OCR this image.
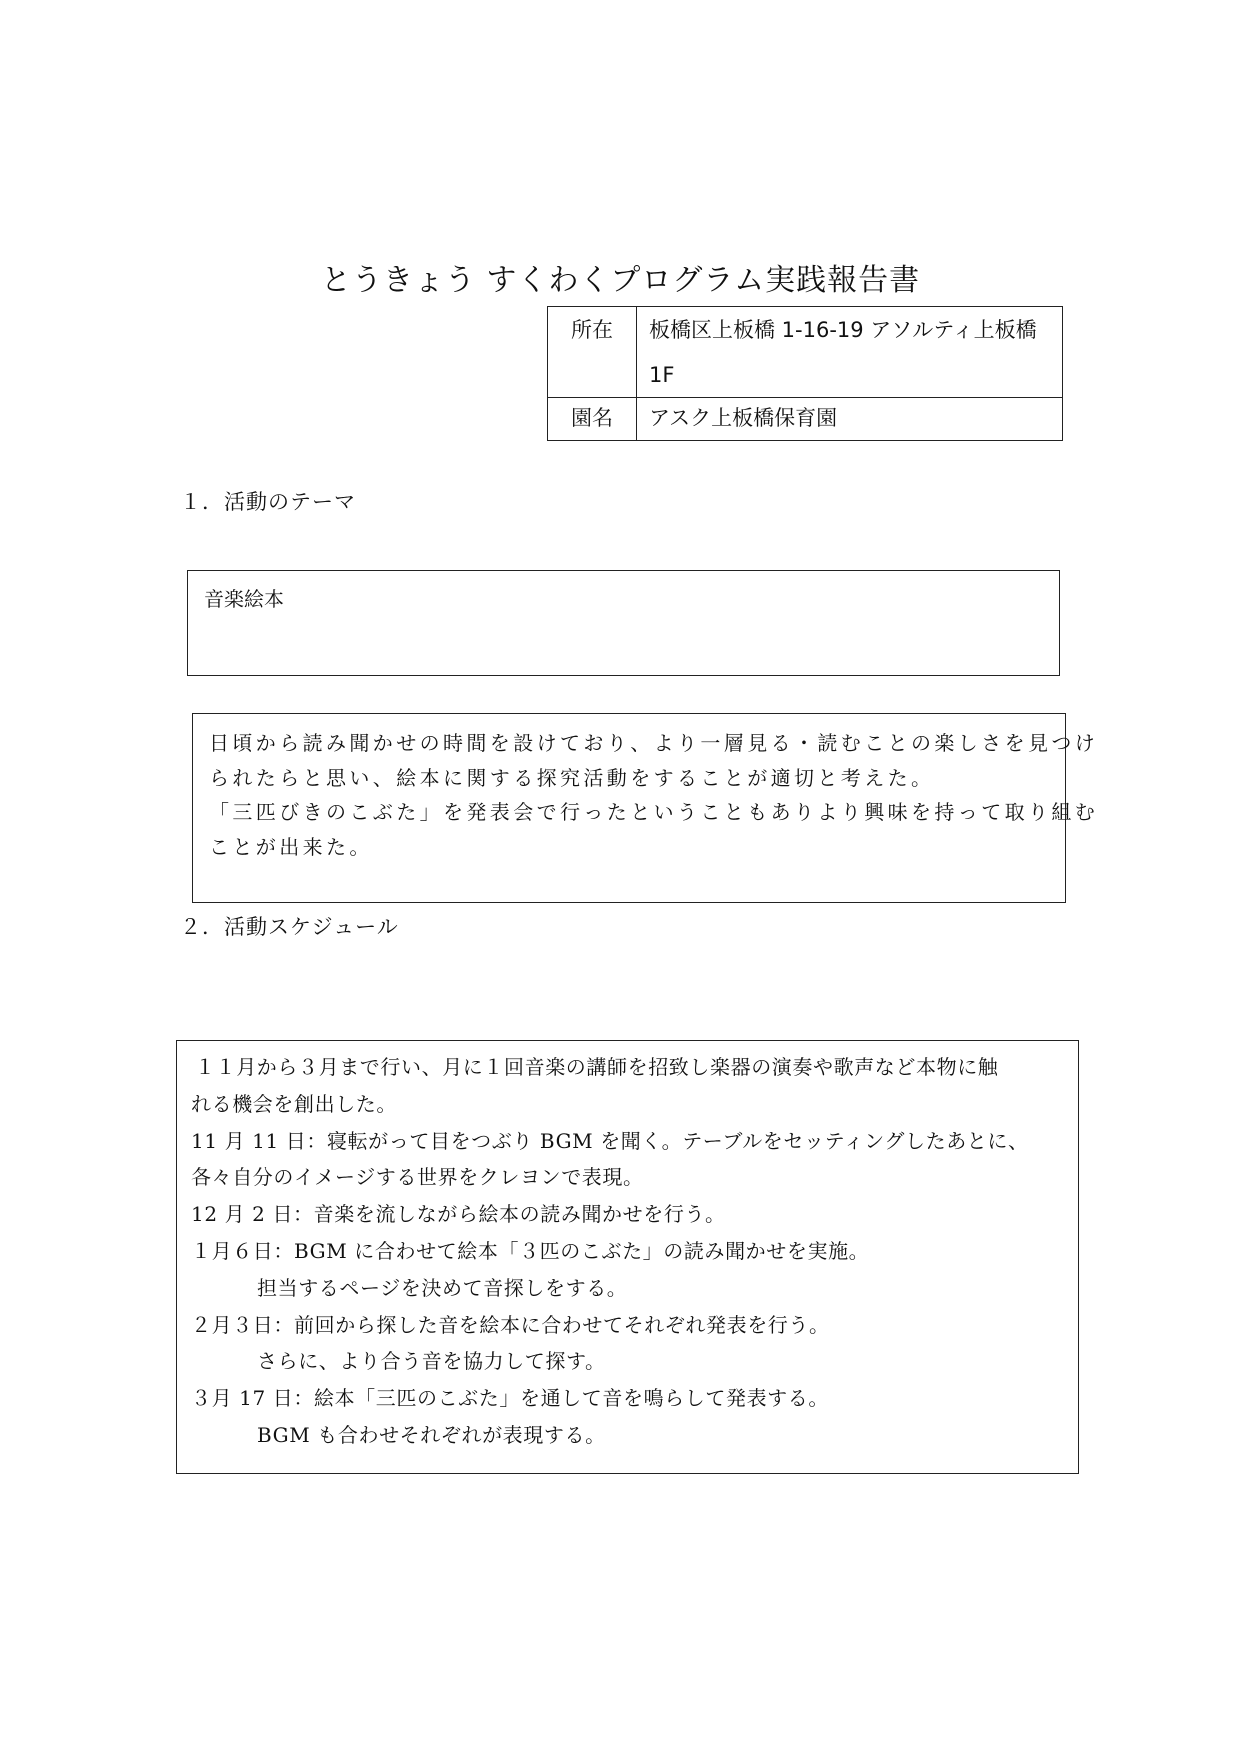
とうきょう すくわくプログラム実践報告書
所在	板橋区上板橋 1-16-19 アソルティ上板橋
1F

園名	アスク上板橋保育園
１．活動のテーマ
音楽絵本
日頃から読み聞かせの時間を設けており、より一層見る・読むことの楽しさを見つけ
られたらと思い、絵本に関する探究活動をすることが適切と考えた。
「三匹びきのこぶた」を発表会で行ったということもありより興味を持って取り組む
ことが出来た。
２．活動スケジュール
１１月から３月まで行い、月に１回音楽の講師を招致し楽器の演奏や歌声など本物に触
れる機会を創出した。
11 月 11 日：寝転がって目をつぶり BGM を聞く。テーブルをセッティングしたあとに、
各々自分のイメージする世界をクレヨンで表現。
12 月 2 日：音楽を流しながら絵本の読み聞かせを行う。
１月６日：BGM に合わせて絵本「３匹のこぶた」の読み聞かせを実施。
担当するページを決めて音探しをする。
２月３日：前回から探した音を絵本に合わせてそれぞれ発表を行う。
さらに、より合う音を協力して探す。
３月 17 日：絵本「三匹のこぶた」を通して音を鳴らして発表する。
BGM も合わせそれぞれが表現する。
